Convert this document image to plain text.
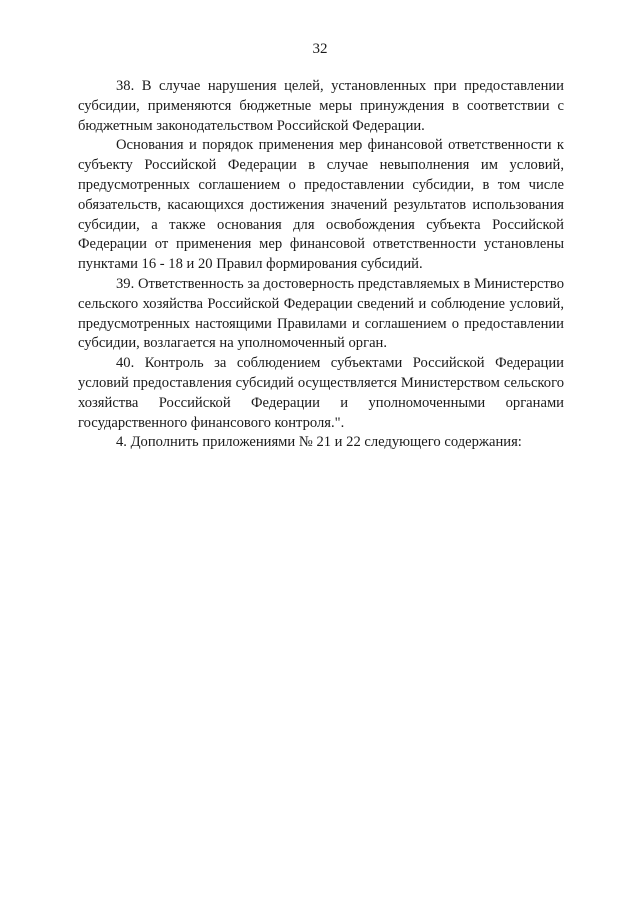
32

38. В случае нарушения целей, установленных при предоставлении субсидии, применяются бюджетные меры принуждения в соответствии с бюджетным законодательством Российской Федерации.

Основания и порядок применения мер финансовой ответственности к субъекту Российской Федерации в случае невыполнения им условий, предусмотренных соглашением о предоставлении субсидии, в том числе обязательств, касающихся достижения значений результатов использования субсидии, а также основания для освобождения субъекта Российской Федерации от применения мер финансовой ответственности установлены пунктами 16 - 18 и 20 Правил формирования субсидий.

39. Ответственность за достоверность представляемых в Министерство сельского хозяйства Российской Федерации сведений и соблюдение условий, предусмотренных настоящими Правилами и соглашением о предоставлении субсидии, возлагается на уполномоченный орган.

40. Контроль за соблюдением субъектами Российской Федерации условий предоставления субсидий осуществляется Министерством сельского хозяйства Российской Федерации и уполномоченными органами государственного финансового контроля.".

4. Дополнить приложениями № 21 и 22 следующего содержания:
